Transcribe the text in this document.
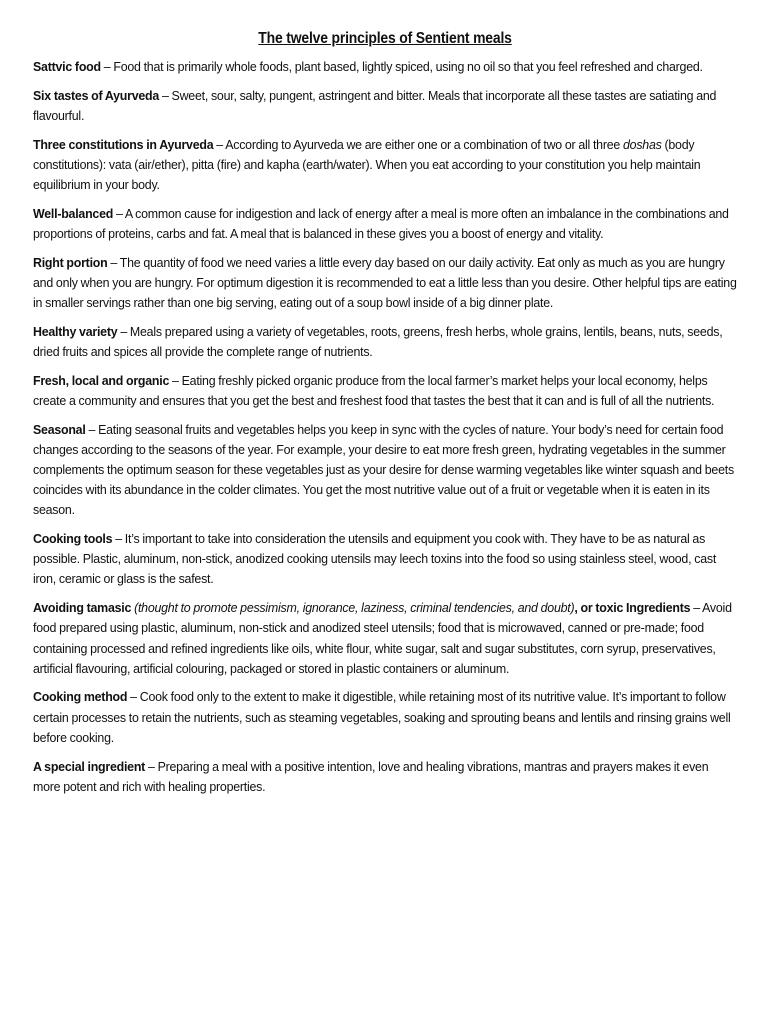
The twelve principles of Sentient meals

Sattvic food – Food that is primarily whole foods, plant based, lightly spiced, using no oil so that you feel refreshed and charged.

Six tastes of Ayurveda – Sweet, sour, salty, pungent, astringent and bitter. Meals that incorporate all these tastes are satiating and flavourful.

Three constitutions in Ayurveda – According to Ayurveda we are either one or a combination of two or all three doshas (body constitutions): vata (air/ether), pitta (fire) and kapha (earth/water). When you eat according to your constitution you help maintain equilibrium in your body.

Well-balanced – A common cause for indigestion and lack of energy after a meal is more often an imbalance in the combinations and proportions of proteins, carbs and fat. A meal that is balanced in these gives you a boost of energy and vitality.

Right portion – The quantity of food we need varies a little every day based on our daily activity. Eat only as much as you are hungry and only when you are hungry. For optimum digestion it is recommended to eat a little less than you desire. Other helpful tips are eating in smaller servings rather than one big serving, eating out of a soup bowl inside of a big dinner plate.

Healthy variety – Meals prepared using a variety of vegetables, roots, greens, fresh herbs, whole grains, lentils, beans, nuts, seeds, dried fruits and spices all provide the complete range of nutrients.

Fresh, local and organic – Eating freshly picked organic produce from the local farmer’s market helps your local economy, helps create a community and ensures that you get the best and freshest food that tastes the best that it can and is full of all the nutrients.

Seasonal – Eating seasonal fruits and vegetables helps you keep in sync with the cycles of nature. Your body’s need for certain food changes according to the seasons of the year. For example, your desire to eat more fresh green, hydrating vegetables in the summer complements the optimum season for these vegetables just as your desire for dense warming vegetables like winter squash and beets coincides with its abundance in the colder climates. You get the most nutritive value out of a fruit or vegetable when it is eaten in its season.

Cooking tools – It’s important to take into consideration the utensils and equipment you cook with. They have to be as natural as possible. Plastic, aluminum, non-stick, anodized cooking utensils may leech toxins into the food so using stainless steel, wood, cast iron, ceramic or glass is the safest.

Avoiding tamasic (thought to promote pessimism, ignorance, laziness, criminal tendencies, and doubt), or toxic Ingredients – Avoid food prepared using plastic, aluminum, non-stick and anodized steel utensils; food that is microwaved, canned or pre-made; food containing processed and refined ingredients like oils, white flour, white sugar, salt and sugar substitutes, corn syrup, preservatives, artificial flavouring, artificial colouring, packaged or stored in plastic containers or aluminum.

Cooking method – Cook food only to the extent to make it digestible, while retaining most of its nutritive value. It’s important to follow certain processes to retain the nutrients, such as steaming vegetables, soaking and sprouting beans and lentils and rinsing grains well before cooking.

A special ingredient – Preparing a meal with a positive intention, love and healing vibrations, mantras and prayers makes it even more potent and rich with healing properties.
